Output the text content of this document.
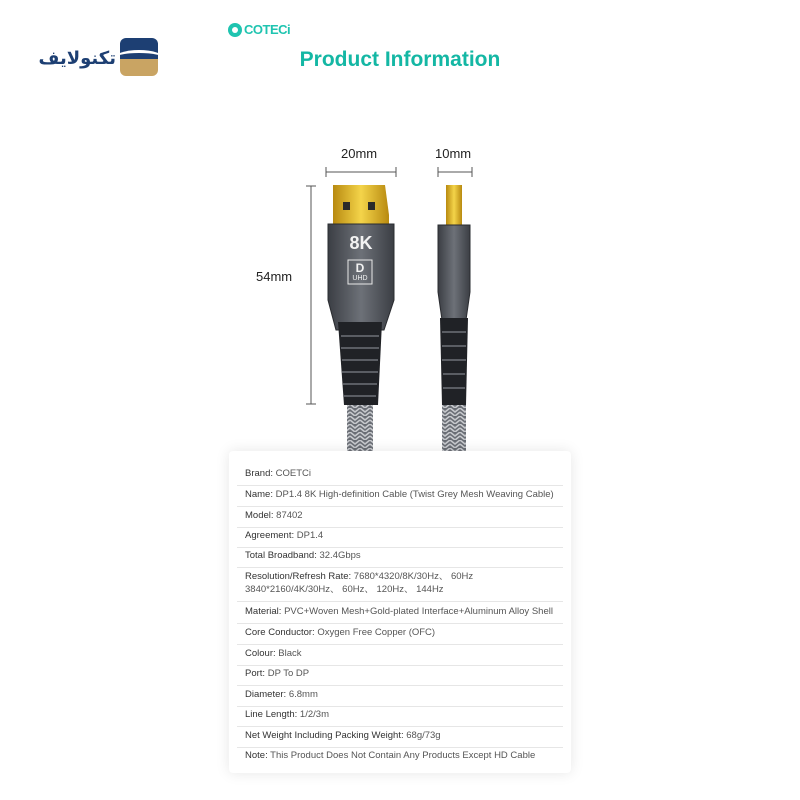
تکنولایف
COTECi
Product Information
20mm	10mm
54mm
8K
D
UHD
Brand: COETCi
Name: DP1.4 8K High-definition Cable (Twist Grey Mesh Weaving Cable)
Model: 87402
Agreement: DP1.4
Total Broadband: 32.4Gbps
Resolution/Refresh Rate: 7680*4320/8K/30Hz、 60Hz
3840*2160/4K/30Hz、 60Hz、 120Hz、 144Hz
Material: PVC+Woven Mesh+Gold-plated Interface+Aluminum Alloy Shell
Core Conductor: Oxygen Free Copper (OFC)
Colour: Black
Port: DP To DP
Diameter: 6.8mm
Line Length: 1/2/3m
Net Weight Including Packing Weight: 68g/73g
Note: This Product Does Not Contain Any Products Except HD Cable
